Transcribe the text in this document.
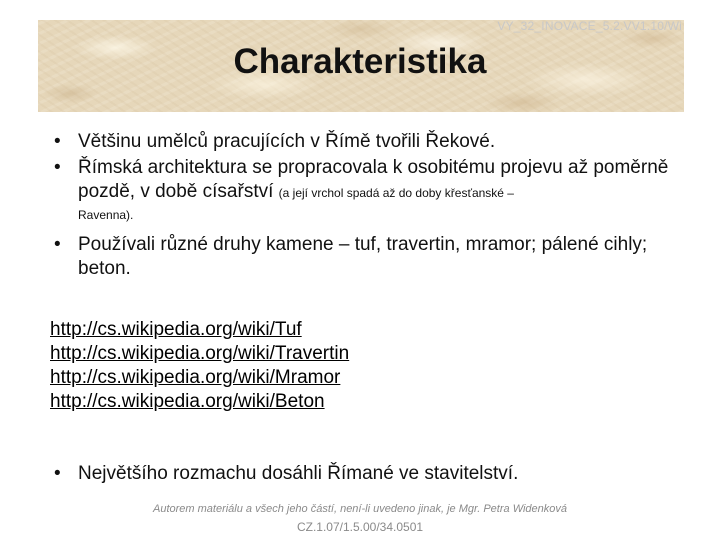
VY_32_INOVACE_5.2.VV1.10/Wi
Charakteristika
• Většinu umělců pracujících v Římě tvořili Řekové.
• Římská architektura se propracovala k osobitému projevu až poměrně pozdě, v době císařství (a její vrchol spadá až do doby křesťanské –
Ravenna).
• Používali různé druhy kamene – tuf, travertin, mramor; pálené cihly; beton.
http://cs.wikipedia.org/wiki/Tuf
http://cs.wikipedia.org/wiki/Travertin
http://cs.wikipedia.org/wiki/Mramor
http://cs.wikipedia.org/wiki/Beton
• Největšího rozmachu dosáhli Římané ve stavitelství.
Autorem materiálu a všech jeho částí, není-li uvedeno jinak, je Mgr. Petra Widenková
CZ.1.07/1.5.00/34.0501
